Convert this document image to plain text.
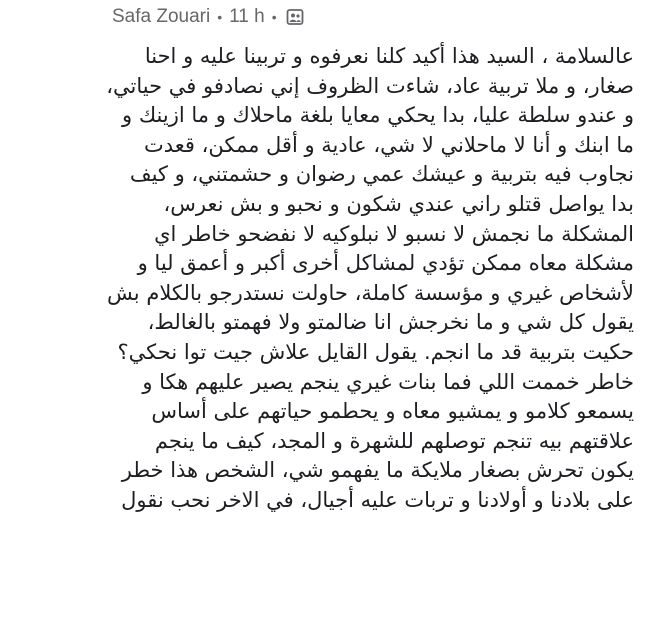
Safa Zouari • 11 h •
عالسلامة ، السيد هذا أكيد كلنا نعرفوه و تربينا عليه و احنا
صغار، و ملا تربية عاد، شاءت الظروف إني نصادفو في حياتي،
و عندو سلطة عليا، بدا يحكي معايا بلغة ماحلاك و ما ازينك و
ما ابنك و أنا لا ماحلاني لا شي، عادية و أقل ممكن، قعدت
نجاوب فيه بتربية و عيشك عمي رضوان و حشمتني، و كيف
بدا يواصل قتلو راني عندي شكون و نحبو و بش نعرس،
المشكلة ما نجمش لا نسبو لا نبلوكيه لا نفضحو خاطر اي
مشكلة معاه ممكن تؤدي لمشاكل أخرى أكبر و أعمق ليا و
لأشخاص غيري و مؤسسة كاملة، حاولت نستدرجو بالكلام بش
يقول كل شي و ما نخرجش انا ضالمتو ولا فهمتو بالغالط،
حكيت بتربية قد ما انجم. يقول القايل علاش جيت توا نحكي؟
خاطر خممت اللي فما بنات غيري ينجم يصير عليهم هكا و
يسمعو كلامو و يمشيو معاه و يحطمو حياتهم على أساس
علاقتهم بيه تنجم توصلهم للشهرة و المجد، كيف ما ينجم
يكون تحرش بصغار ملايكة ما يفهمو شي، الشخص هذا خطر
على بلادنا و أولادنا و تربات عليه أجيال، في الاخر نحب نقول
